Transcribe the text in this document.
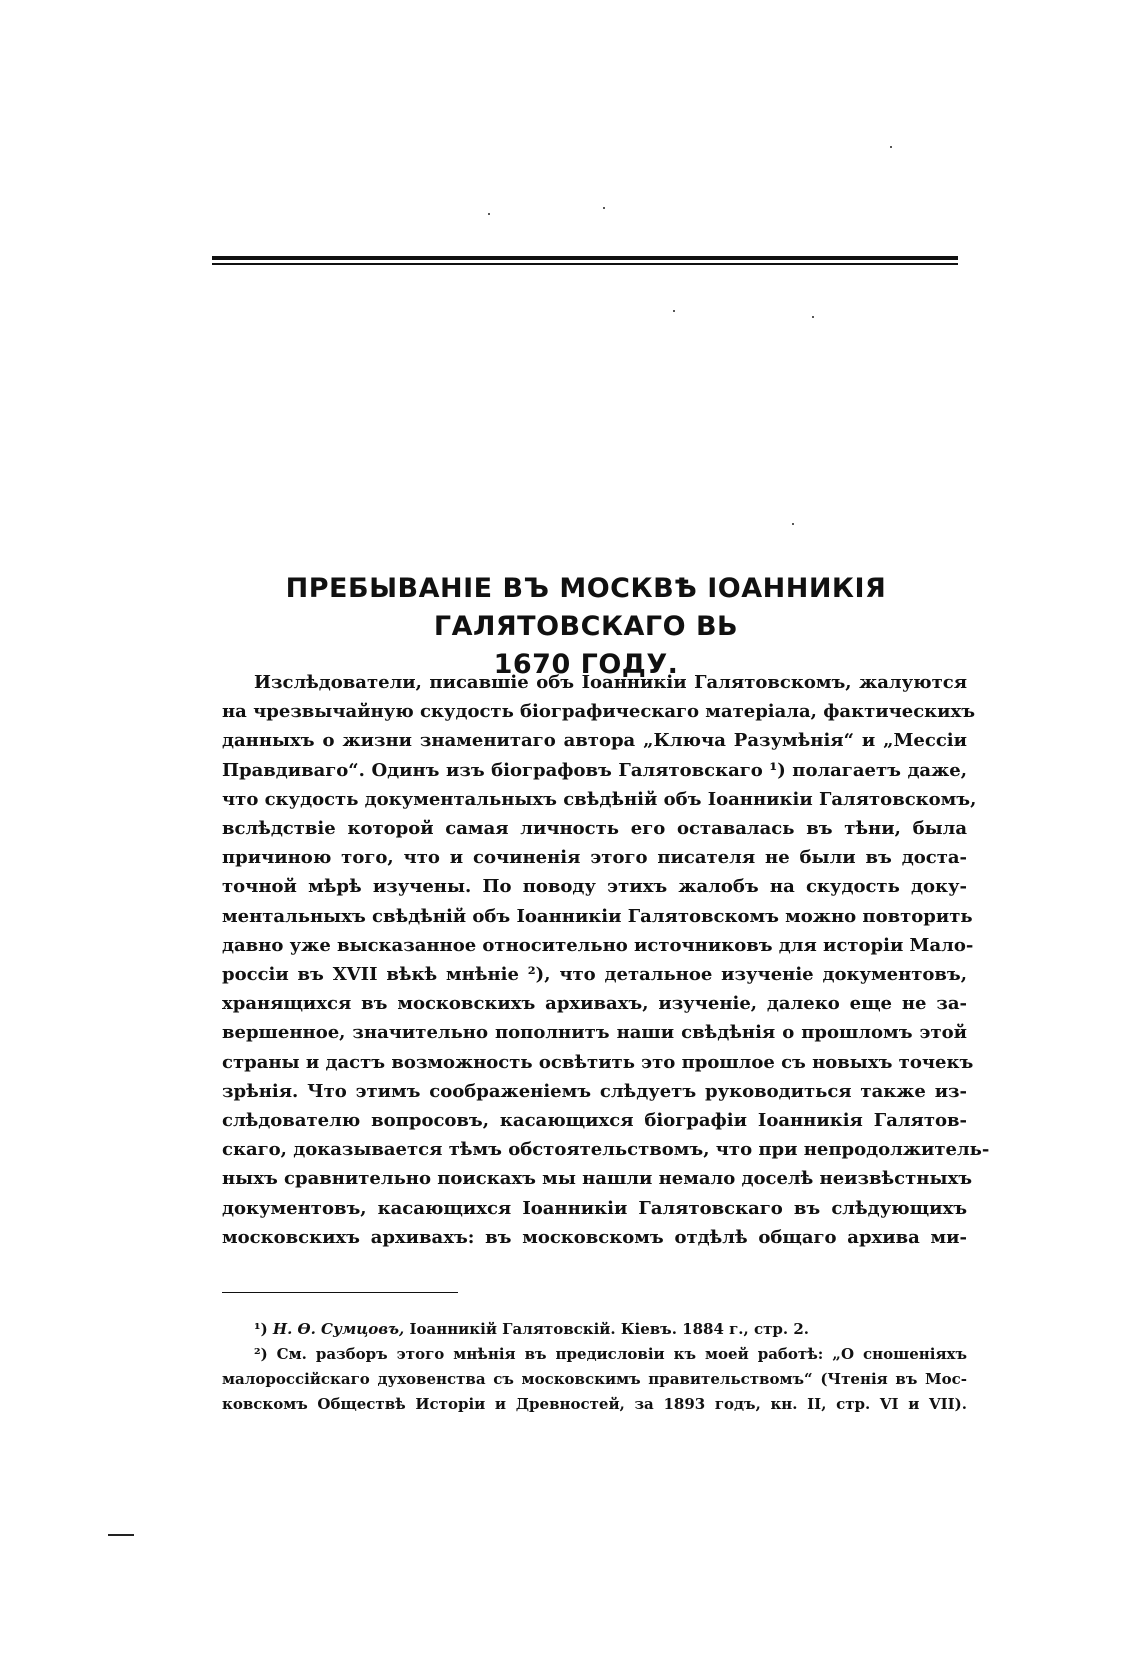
ПРЕБЫВАНІЕ ВЪ МОСКВѢ ІОАННИКІЯ ГАЛЯТОВСКАГО ВЬ
1670 ГОДУ.
Изслѣдователи, писавшіе объ Іоанникіи Галятовскомъ, жалуются
на чрезвычайную скудость біографическаго матеріала, фактическихъ
данныхъ о жизни знаменитаго автора „Ключа Разумѣнія“ и „Мессіи
Правдиваго“. Одинъ изъ біографовъ Галятовскаго ¹) полагаетъ даже,
что скудость документальныхъ свѣдѣній объ Іоанникіи Галятовскомъ,
вслѣдствіе которой самая личность его оставалась въ тѣни, была
причиною того, что и сочиненія этого писателя не были въ доста-
точной мѣрѣ изучены. По поводу этихъ жалобъ на скудость доку-
ментальныхъ свѣдѣній объ Іоанникіи Галятовскомъ можно повторить
давно уже высказанное относительно источниковъ для исторіи Мало-
россіи въ XVII вѣкѣ мнѣніе ²), что детальное изученіе документовъ,
хранящихся въ московскихъ архивахъ, изученіе, далеко еще не за-
вершенное, значительно пополнитъ наши свѣдѣнія о прошломъ этой
страны и дастъ возможность освѣтить это прошлое съ новыхъ точекъ
зрѣнія. Что этимъ соображеніемъ слѣдуетъ руководиться также из-
слѣдователю вопросовъ, касающихся біографіи Іоанникія Галятов-
скаго, доказывается тѣмъ обстоятельствомъ, что при непродолжитель-
ныхъ сравнительно поискахъ мы нашли немало доселѣ неизвѣстныхъ
документовъ, касающихся Іоанникіи Галятовскаго въ слѣдующихъ
московскихъ архивахъ: въ московскомъ отдѣлѣ общаго архива ми-
¹) Н. Ѳ. Сумцовъ, Іоанникій Галятовскій. Кіевъ. 1884 г., стр. 2.
²) См. разборъ этого мнѣнія въ предисловіи къ моей работѣ: „О сношеніяхъ
малороссійскаго духовенства съ московскимъ правительствомъ“ (Чтенія въ Мос-
ковскомъ Обществѣ Исторіи и Древностей, за 1893 годъ, кн. II, стр. VI и VII).
